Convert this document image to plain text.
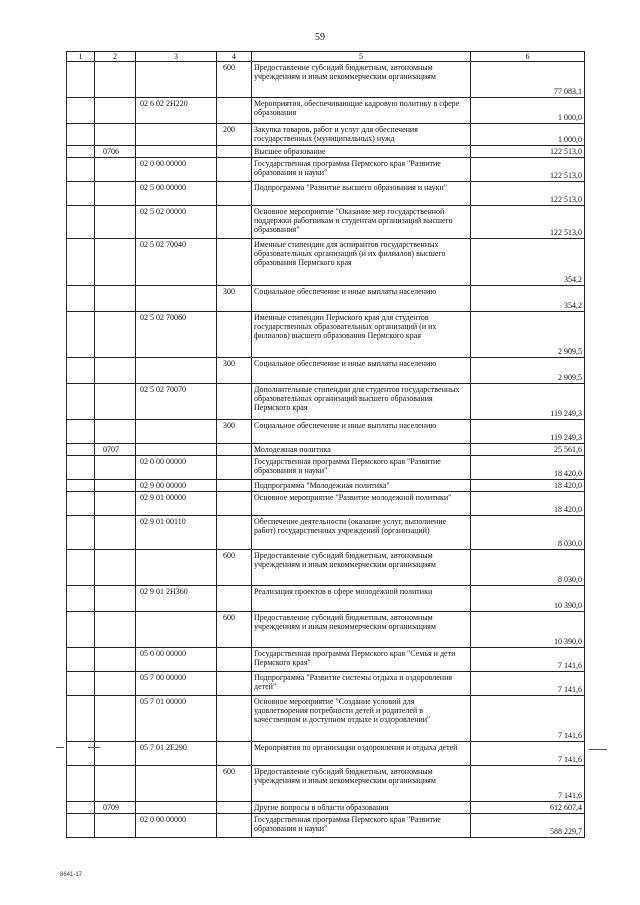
59
1	2	3	4	5	6
			600	Предоставление субсидий бюджетным, автономным учреждениям и иным некоммерческим организациям	77 083,1
		02 6 02 2Н220		Мероприятия, обеспечивающие кадровую политику в сфере образования	1 000,0
			200	Закупка товаров, работ и услуг для обеспечения государственных (муниципальных) нужд	1 000,0
	0706			Высшее образование	122 513,0
		02 0 00 00000		Государственная программа Пермского края "Развитие образования и науки"	122 513,0
		02 5 00 00000		Подпрограмма "Развитие высшего образования и науки"	122 513,0
		02 5 02 00000		Основное мероприятие "Оказание мер государственной поддержки работникам и студентам организаций высшего образования"	122 513,0
		02 5 02 70040		Именные стипендии для аспирантов государственных образовательных организаций (и их филиалов) высшего образования Пермского края	354,2
			300	Социальное обеспечение и иные выплаты населению	354,2
		02 5 02 70060		Именные стипендии Пермского края для студентов государственных образовательных организаций (и их филиалов) высшего образования Пермского края	2 909,5
			300	Социальное обеспечение и иные выплаты населению	2 909,5
		02 5 02 70070		Дополнительные стипендии для студентов государственных образовательных организаций высшего образования Пермского края	119 249,3
			300	Социальное обеспечение и иные выплаты населению	119 249,3
	0707			Молодежная политика	25 561,6
		02 0 00 00000		Государственная программа Пермского края "Развитие образования и науки"	18 420,0
		02 9 00 00000		Подпрограмма "Молодежная политика"	18 420,0
		02 9 01 00000		Основное мероприятие "Развитие молодежной политики"	18 420,0
		02 9 01 00110		Обеспечение деятельности (оказание услуг, выполнение работ) государственных учреждений (организаций)	8 030,0
			600	Предоставление субсидий бюджетным, автономным учреждениям и иным некоммерческим организациям	8 030,0
		02 9 01 2Н360		Реализация проектов в сфере молодежной политики	10 390,0
			600	Предоставление субсидий бюджетным, автономным учреждениям и иным некоммерческим организациям	10 390,0
		05 0 00 00000		Государственная программа Пермского края "Семья и дети Пермского края"	7 141,6
		05 7 00 00000		Подпрограмма "Развитие системы отдыха и оздоровления детей"	7 141,6
		05 7 01 00000		Основное мероприятие "Создание условий для удовлетворения потребности детей и родителей в качественном и доступном отдыхе и оздоровлении"	7 141,6
		05 7 01 2Е290		Мероприятия по организации оздоровления и отдыха детей	7 141,6
			600	Предоставление субсидий бюджетным, автономным учреждениям и иным некоммерческим организациям	7 141,6
	0709			Другие вопросы в области образования	612 607,4
		02 0 00 00000		Государственная программа Пермского края "Развитие образования и науки"	588 229,7
8641-17
